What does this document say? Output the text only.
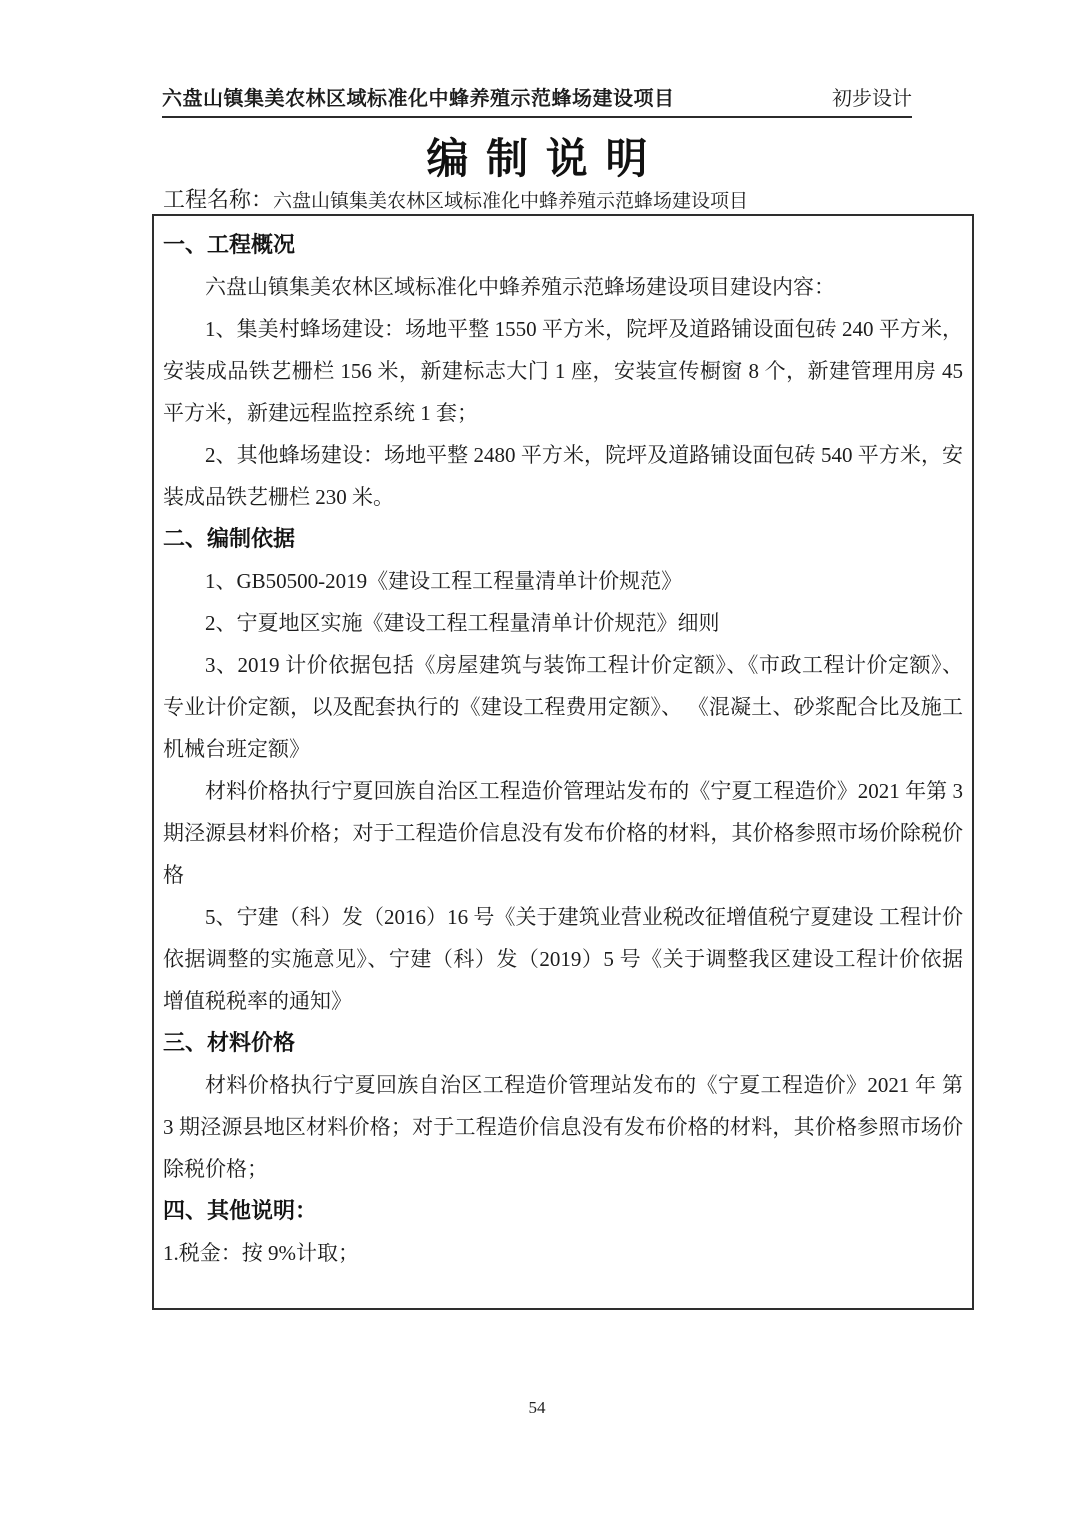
六盘山镇集美农林区域标准化中蜂养殖示范蜂场建设项目	初步设计
编制说明
工程名称：六盘山镇集美农林区域标准化中蜂养殖示范蜂场建设项目
一、工程概况

六盘山镇集美农林区域标准化中蜂养殖示范蜂场建设项目建设内容：

1、集美村蜂场建设：场地平整 1550 平方米，院坪及道路铺设面包砖 240 平方米，安装成品铁艺栅栏 156 米，新建标志大门 1 座，安装宣传橱窗 8 个，新建管理用房 45 平方米，新建远程监控系统 1 套；

2、其他蜂场建设：场地平整 2480 平方米，院坪及道路铺设面包砖 540 平方米，安装成品铁艺栅栏 230 米。

二、编制依据

1、GB50500-2019《建设工程工程量清单计价规范》

2、宁夏地区实施《建设工程工程量清单计价规范》细则

3、2019 计价依据包括《房屋建筑与装饰工程计价定额》、《市政工程计价定额》、专业计价定额，以及配套执行的《建设工程费用定额》、 《混凝土、砂浆配合比及施工机械台班定额》

材料价格执行宁夏回族自治区工程造价管理站发布的《宁夏工程造价》2021 年第 3 期泾源县材料价格；对于工程造价信息没有发布价格的材料，其价格参照市场价除税价格

5、宁建（科）发（2016）16 号《关于建筑业营业税改征增值税宁夏建设 工程计价依据调整的实施意见》、宁建（科）发（2019）5 号《关于调整我区建设工程计价依据增值税税率的通知》

三、材料价格

材料价格执行宁夏回族自治区工程造价管理站发布的《宁夏工程造价》2021 年 第 3 期泾源县地区材料价格；对于工程造价信息没有发布价格的材料，其价格参照市场价除税价格；

四、其他说明：

1.税金：按 9%计取；

54
